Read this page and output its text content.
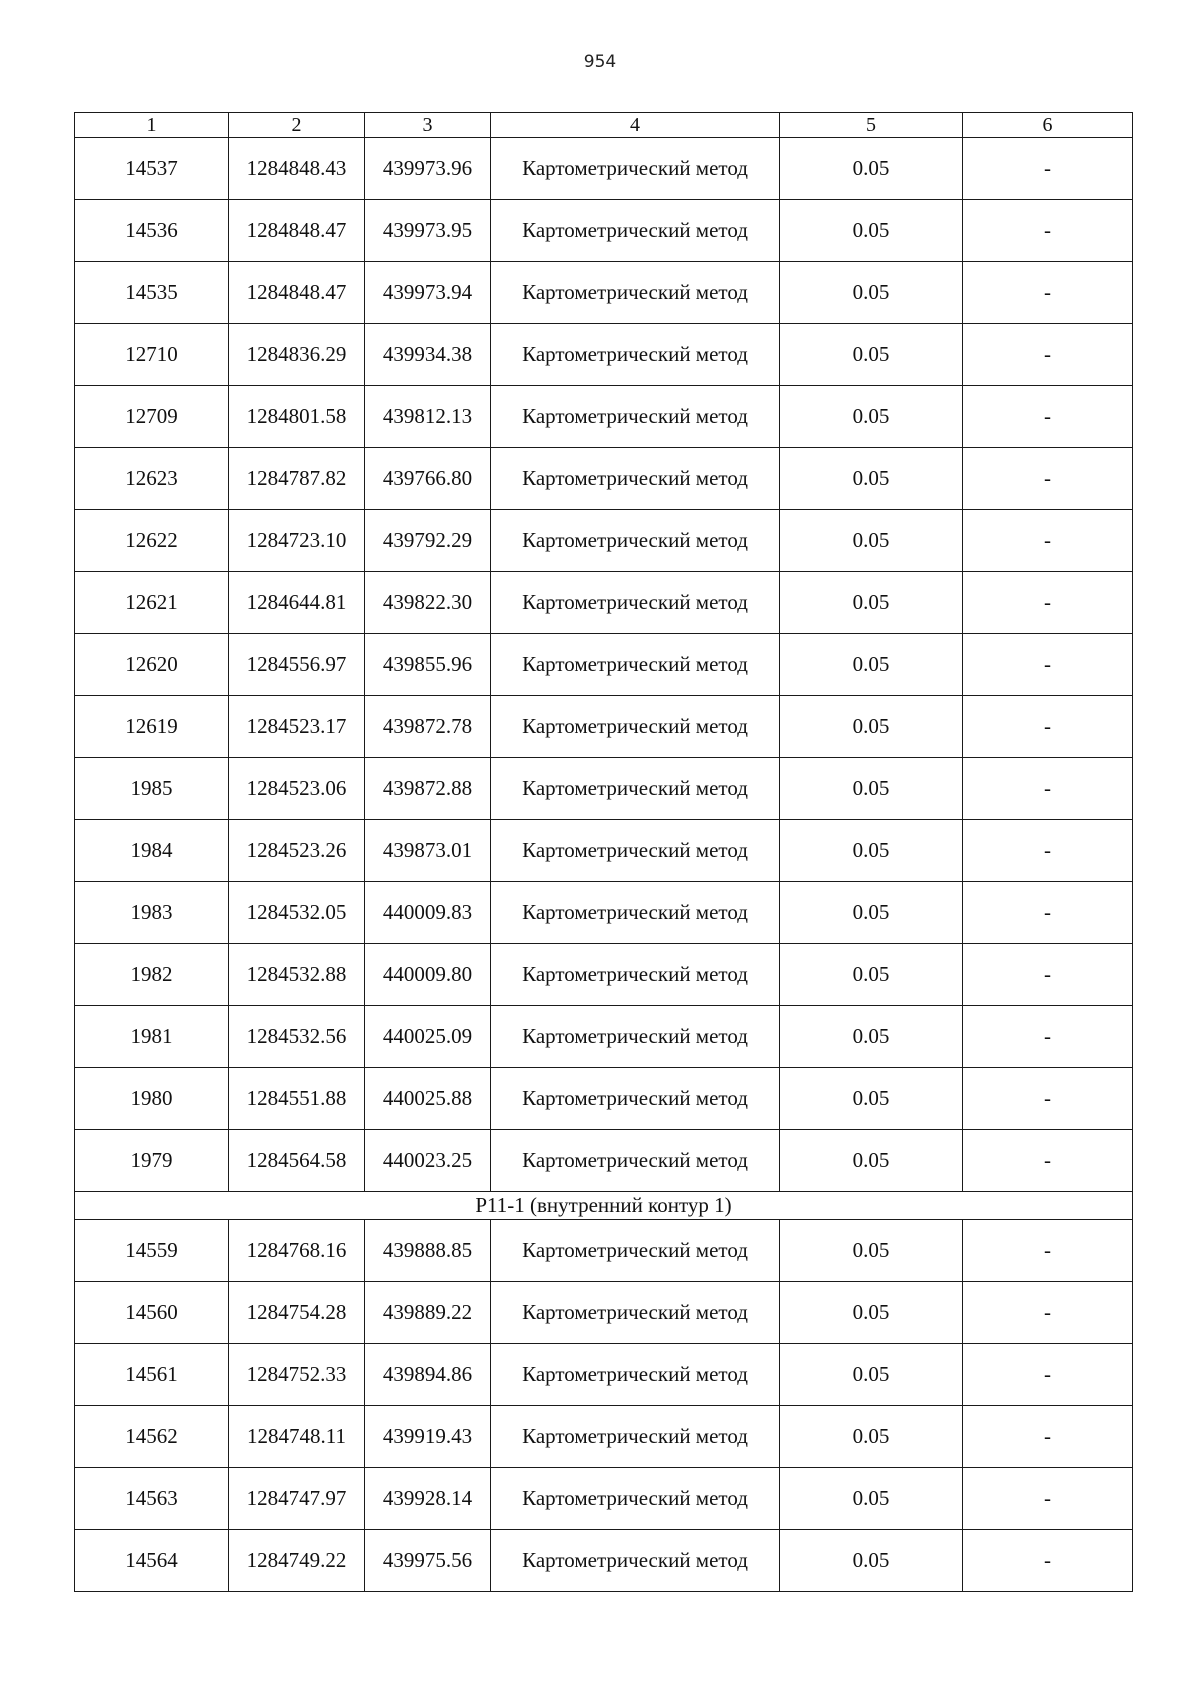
954
1	2	3	4	5	6
14537	1284848.43	439973.96	Картометрический метод	0.05	-
14536	1284848.47	439973.95	Картометрический метод	0.05	-
14535	1284848.47	439973.94	Картометрический метод	0.05	-
12710	1284836.29	439934.38	Картометрический метод	0.05	-
12709	1284801.58	439812.13	Картометрический метод	0.05	-
12623	1284787.82	439766.80	Картометрический метод	0.05	-
12622	1284723.10	439792.29	Картометрический метод	0.05	-
12621	1284644.81	439822.30	Картометрический метод	0.05	-
12620	1284556.97	439855.96	Картометрический метод	0.05	-
12619	1284523.17	439872.78	Картометрический метод	0.05	-
1985	1284523.06	439872.88	Картометрический метод	0.05	-
1984	1284523.26	439873.01	Картометрический метод	0.05	-
1983	1284532.05	440009.83	Картометрический метод	0.05	-
1982	1284532.88	440009.80	Картометрический метод	0.05	-
1981	1284532.56	440025.09	Картометрический метод	0.05	-
1980	1284551.88	440025.88	Картометрический метод	0.05	-
1979	1284564.58	440023.25	Картометрический метод	0.05	-
Р11-1 (внутренний контур 1)					
14559	1284768.16	439888.85	Картометрический метод	0.05	-
14560	1284754.28	439889.22	Картометрический метод	0.05	-
14561	1284752.33	439894.86	Картометрический метод	0.05	-
14562	1284748.11	439919.43	Картометрический метод	0.05	-
14563	1284747.97	439928.14	Картометрический метод	0.05	-
14564	1284749.22	439975.56	Картометрический метод	0.05	-
